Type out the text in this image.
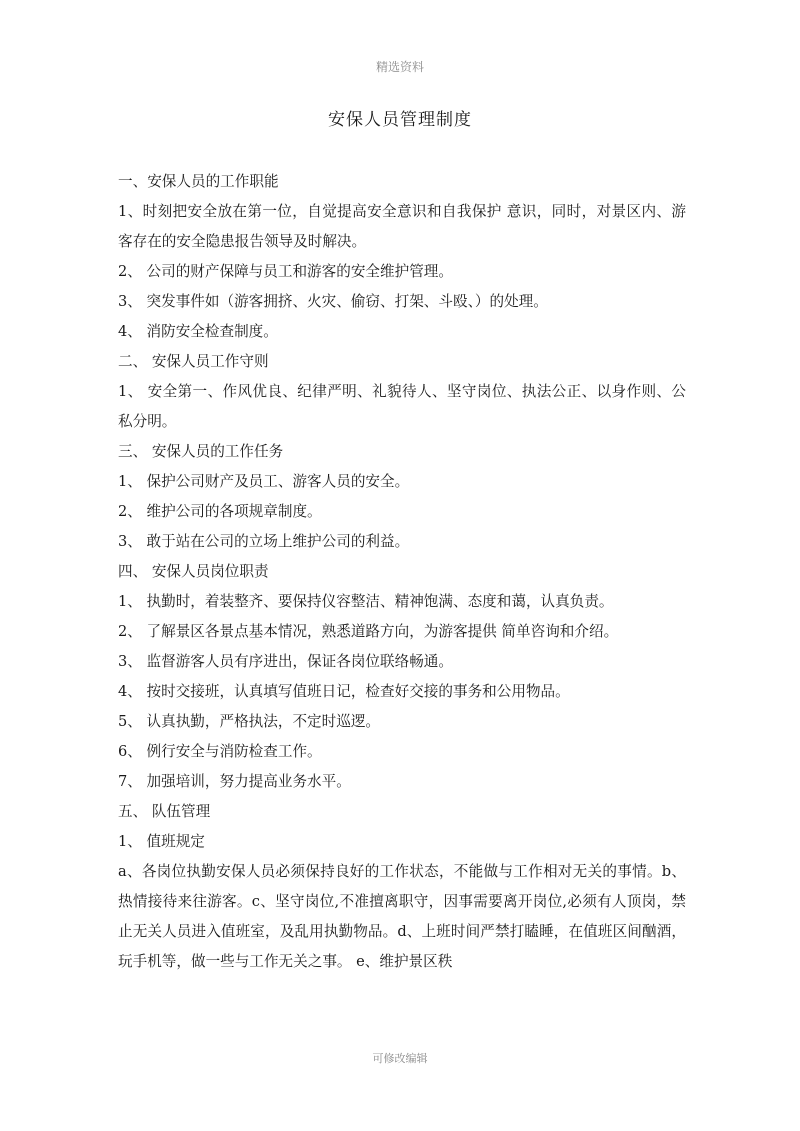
精选资料
安保人员管理制度

一、安保人员的工作职能

1、时刻把安全放在第一位，自觉提高安全意识和自我保护 意识，同时，对景区内、游客存在的安全隐患报告领导及时解决。

2、 公司的财产保障与员工和游客的安全维护管理。

3、 突发事件如（游客拥挤、火灾、偷窃、打架、斗殴、）的处理。

4、 消防安全检查制度。

二、 安保人员工作守则

1、 安全第一、作风优良、纪律严明、礼貌待人、坚守岗位、执法公正、以身作则、公私分明。

三、 安保人员的工作任务

1、 保护公司财产及员工、游客人员的安全。

2、 维护公司的各项规章制度。

3、 敢于站在公司的立场上维护公司的利益。

四、 安保人员岗位职责

1、 执勤时，着装整齐、要保持仪容整洁、精神饱满、态度和蔼，认真负责。

2、 了解景区各景点基本情况，熟悉道路方向，为游客提供 简单咨询和介绍。

3、 监督游客人员有序进出，保证各岗位联络畅通。

4、 按时交接班，认真填写值班日记，检查好交接的事务和公用物品。

5、 认真执勤，严格执法，不定时巡逻。

6、 例行安全与消防检查工作。

7、 加强培训，努力提高业务水平。

五、 队伍管理

1、 值班规定

a、各岗位执勤安保人员必须保持良好的工作状态，不能做与工作相对无关的事情。b、热情接待来往游客。c、坚守岗位,不准擅离职守，因事需要离开岗位,必须有人顶岗，禁止无关人员进入值班室，及乱用执勤物品。d、上班时间严禁打瞌睡，在值班区间酗酒，玩手机等，做一些与工作无关之事。 e、维护景区秩

可修改编辑
